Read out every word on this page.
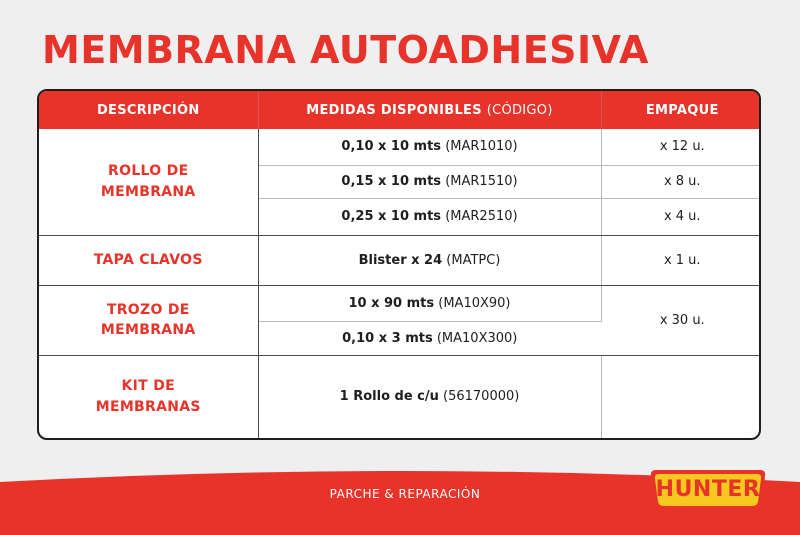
MEMBRANA AUTOADHESIVA
DESCRIPCIÓN	MEDIDAS DISPONIBLES (CÓDIGO)	EMPAQUE
ROLLO DE
MEMBRANA	0,10 x 10 mts (MAR1010)	x 12 u.
	0,15 x 10 mts (MAR1510)	x 8 u.
	0,25 x 10 mts (MAR2510)	x 4 u.
TAPA CLAVOS	Blister x 24 (MATPC)	x 1 u.
TROZO DE
MEMBRANA	10 x 90 mts (MA10X90)	x 30 u.
	0,10 x 3 mts (MA10X300)	
KIT DE
MEMBRANAS	1 Rollo de c/u (56170000)	
PARCHE & REPARACIÓN	HUNTER
